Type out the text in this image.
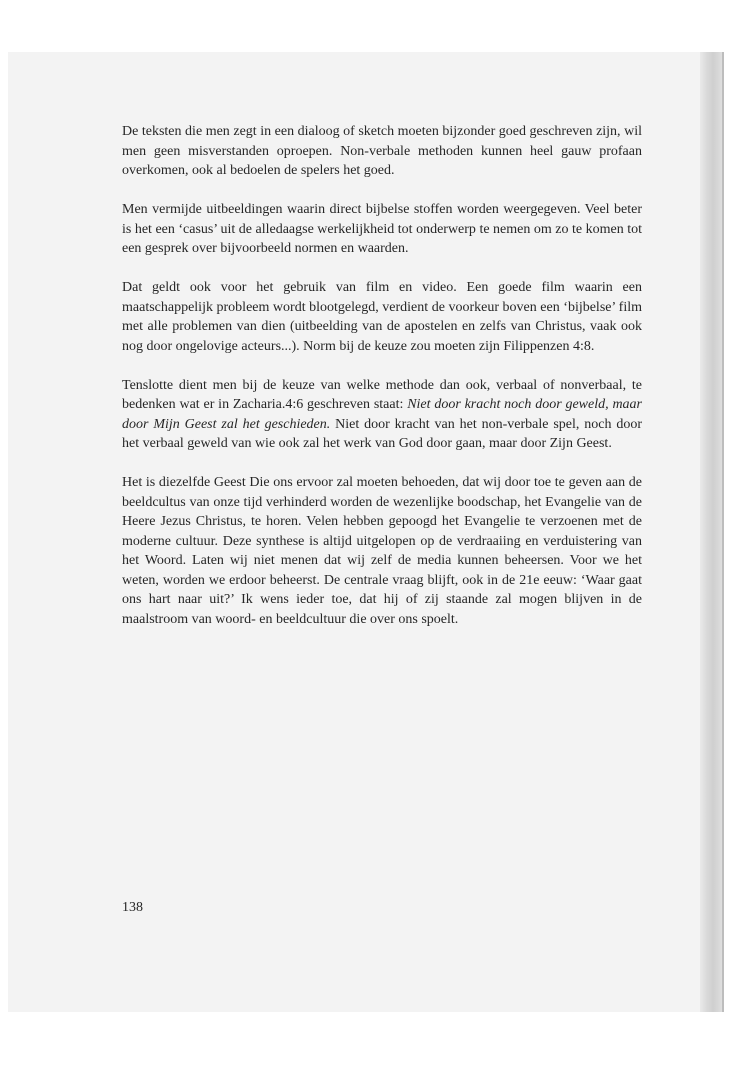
De teksten die men zegt in een dialoog of sketch moeten bijzonder goed geschreven zijn, wil men geen misverstanden oproepen. Non-verbale methoden kunnen heel gauw profaan overkomen, ook al bedoelen de spelers het goed.

Men vermijde uitbeeldingen waarin direct bijbelse stoffen worden weergegeven. Veel beter is het een ‘casus’ uit de alledaagse werkelijkheid tot onderwerp te nemen om zo te komen tot een gesprek over bijvoorbeeld normen en waarden.

Dat geldt ook voor het gebruik van film en video. Een goede film waarin een maatschappelijk probleem wordt blootgelegd, verdient de voorkeur boven een ‘bijbelse’ film met alle problemen van dien (uitbeelding van de apostelen en zelfs van Christus, vaak ook nog door ongelovige acteurs...). Norm bij de keuze zou moeten zijn Filippenzen 4:8.

Tenslotte dient men bij de keuze van welke methode dan ook, verbaal of nonverbaal, te bedenken wat er in Zacharia.4:6 geschreven staat: Niet door kracht noch door geweld, maar door Mijn Geest zal het geschieden. Niet door kracht van het non-verbale spel, noch door het verbaal geweld van wie ook zal het werk van God door gaan, maar door Zijn Geest.

Het is diezelfde Geest Die ons ervoor zal moeten behoeden, dat wij door toe te geven aan de beeldcultus van onze tijd verhinderd worden de wezenlijke boodschap, het Evangelie van de Heere Jezus Christus, te horen. Velen hebben gepoogd het Evangelie te verzoenen met de moderne cultuur. Deze synthese is altijd uitgelopen op de verdraaiing en verduistering van het Woord. Laten wij niet menen dat wij zelf de media kunnen beheersen. Voor we het weten, worden we erdoor beheerst. De centrale vraag blijft, ook in de 21e eeuw: ‘Waar gaat ons hart naar uit?’ Ik wens ieder toe, dat hij of zij staande zal mogen blijven in de maalstroom van woord- en beeldcultuur die over ons spoelt.

138
